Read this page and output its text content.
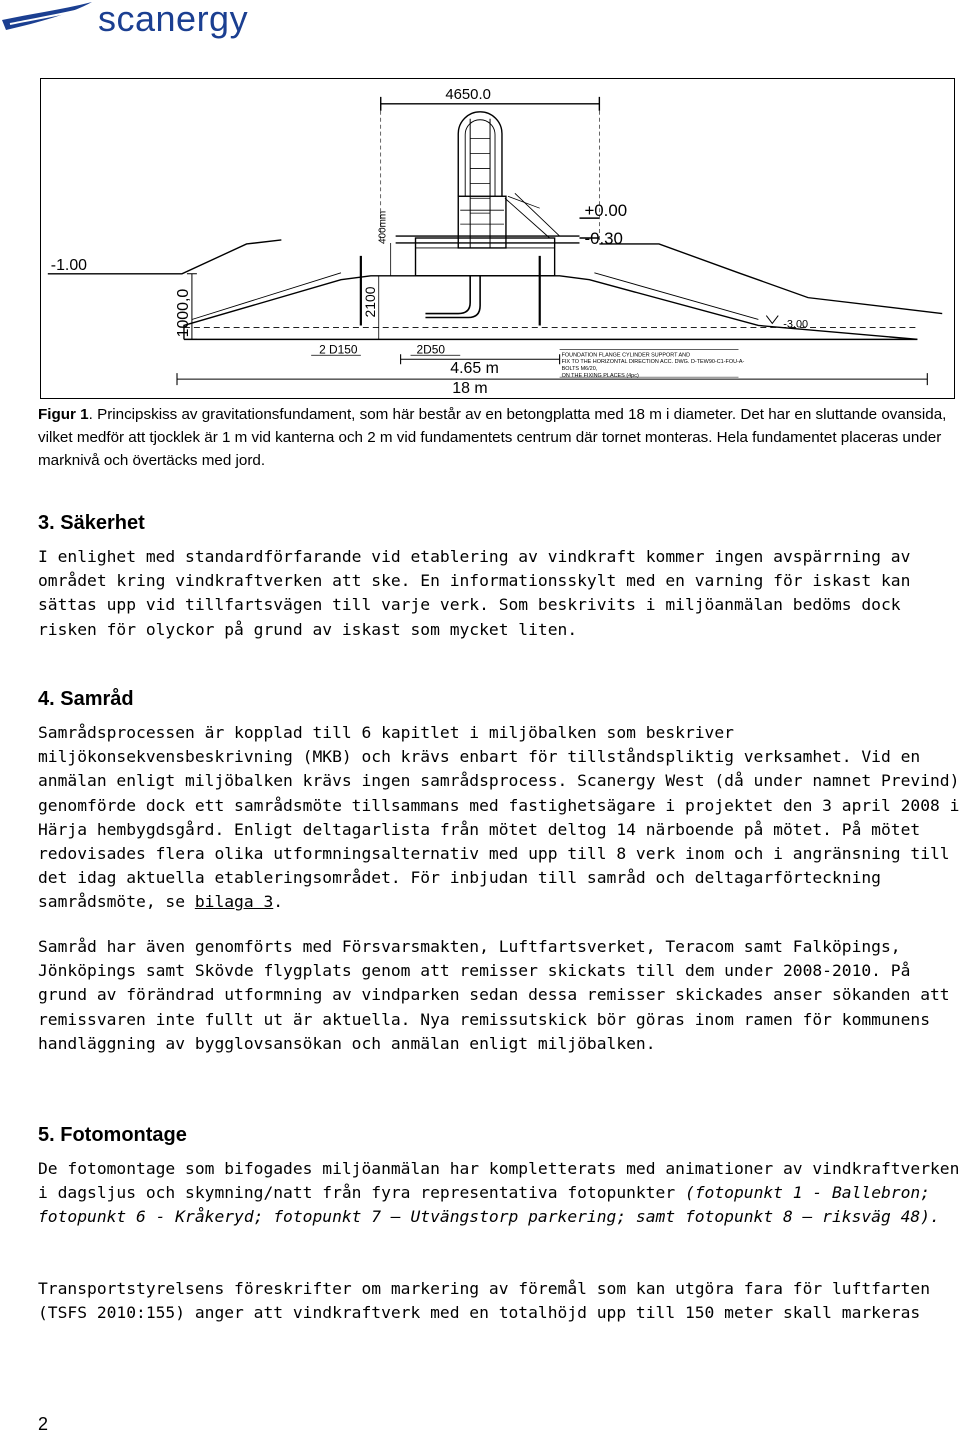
scanergy
4650.0
+0.00
-0.30
-1.00
1000,0	2100
400mm
2 D150	2D50
4.65 m
18 m
-3,00
FOUNDATION FLANGE CYLINDER SUPPORT AND
FIX TO THE HORIZONTAL DIRECTION ACC. DWG. D-TEW90-C1-FOU-A-
BOLTS M6/20,
ON THE FIXING PLACES (4pc)
Figur 1. Principskiss av gravitationsfundament, som här består av en betongplatta med 18 m i diameter. Det har en sluttande ovansida, vilket medför att tjocklek är 1 m vid kanterna och 2 m vid fundamentets centrum där tornet monteras. Hela fundamentet placeras under marknivå och övertäcks med jord.
3. Säkerhet
I enlighet med standardförfarande vid etablering av vindkraft kommer ingen avspärrning av området kring vindkraftverken att ske. En informationsskylt med en varning för iskast kan sättas upp vid tillfartsvägen till varje verk. Som beskrivits i miljöanmälan bedöms dock risken för olyckor på grund av iskast som mycket liten.
4. Samråd
Samrådsprocessen är kopplad till 6 kapitlet i miljöbalken som beskriver miljökonsekvensbeskrivning (MKB) och krävs enbart för tillståndspliktig verksamhet. Vid en anmälan enligt miljöbalken krävs ingen samrådsprocess. Scanergy West (då under namnet Prevind) genomförde dock ett samrådsmöte tillsammans med fastighetsägare i projektet den 3 april 2008 i Härja hembygdsgård. Enligt deltagarlista från mötet deltog 14 närboende på mötet. På mötet redovisades flera olika utformningsalternativ med upp till 8 verk inom och i angränsning till det idag aktuella etableringsområdet. För inbjudan till samråd och deltagarförteckning samrådsmöte, se bilaga 3.
Samråd har även genomförts med Försvarsmakten, Luftfartsverket, Teracom samt Falköpings, Jönköpings samt Skövde flygplats genom att remisser skickats till dem under 2008-2010. På grund av förändrad utformning av vindparken sedan dessa remisser skickades anser sökanden att remissvaren inte fullt ut är aktuella. Nya remissutskick bör göras inom ramen för kommunens handläggning av bygglovsansökan och anmälan enligt miljöbalken.
5. Fotomontage
De fotomontage som bifogades miljöanmälan har kompletterats med animationer av vindkraftverken i dagsljus och skymning/natt från fyra representativa fotopunkter (fotopunkt 1 - Ballebron; fotopunkt 6 - Kråkeryd; fotopunkt 7 – Utvängstorp parkering; samt fotopunkt 8 – riksväg 48).
Transportstyrelsens föreskrifter om markering av föremål som kan utgöra fara för luftfarten (TSFS 2010:155) anger att vindkraftverk med en totalhöjd upp till 150 meter skall markeras
2
